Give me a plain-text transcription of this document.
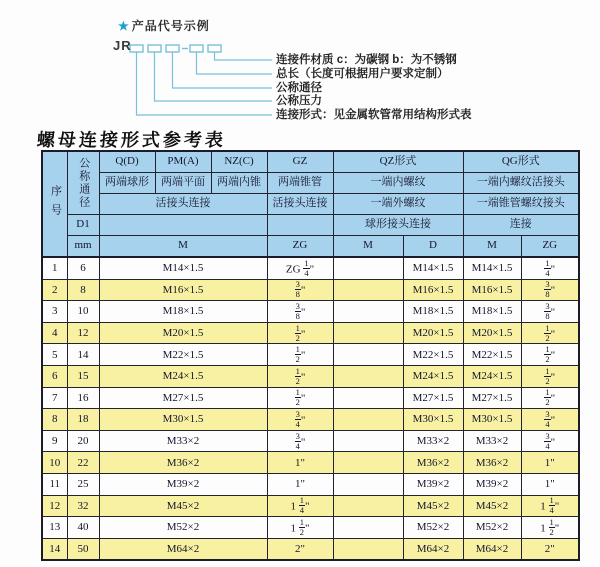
★ 产品代号示例
JR
连接件材质 c：为碳钢 b：为不锈钢
总长（长度可根据用户要求定制）
公称通径
公称压力
连接形式：见金属软管常用结构形式表
螺母连接形式参考表
序号	公称通径	Q(D)	PM(A)	NZ(C)	GZ	QZ形式		QG形式	
		两端球形	两端平面	两端内锥	两端锥管	一端内螺纹		一端内螺纹活接头	
		活接头连接			活接头连接	一端外螺纹		一端锥管螺纹接头	
	D1					球形接头连接		连接	
	mm	M			ZG	M	D	M	ZG
1	6	M14×1.5			ZG $\frac{1}{4}$ "		M14×1.5	M14×1.5	$\frac{1}{4}$ "
2	8	M16×1.5			$\frac{3}{8}$ "		M16×1.5	M16×1.5	$\frac{3}{8}$ "
3	10	M18×1.5			$\frac{3}{8}$ "		M18×1.5	M18×1.5	$\frac{3}{8}$ "
4	12	M20×1.5			$\frac{1}{2}$ "		M20×1.5	M20×1.5	$\frac{1}{2}$ "
5	14	M22×1.5			$\frac{1}{2}$ "		M22×1.5	M22×1.5	$\frac{1}{2}$ "
6	15	M24×1.5			$\frac{1}{2}$ "		M24×1.5	M24×1.5	$\frac{1}{2}$ "
7	16	M27×1.5			$\frac{1}{2}$ "		M27×1.5	M27×1.5	$\frac{1}{2}$ "
8	18	M30×1.5			$\frac{3}{4}$ "		M30×1.5	M30×1.5	$\frac{3}{4}$ "
9	20	M33×2			$\frac{3}{4}$ "		M33×2	M33×2	$\frac{3}{4}$ "
10	22	M36×2			1"		M36×2	M36×2	1"
11	25	M39×2			1"		M39×2	M39×2	1"
12	32	M45×2			$1 \frac{1}{4}$ "		M45×2	M45×2	$1 \frac{1}{4}$ "
13	40	M52×2			$1 \frac{1}{2}$ "		M52×2	M52×2	$1 \frac{1}{2}$ "
14	50	M64×2			2"		M64×2	M64×2	2"
